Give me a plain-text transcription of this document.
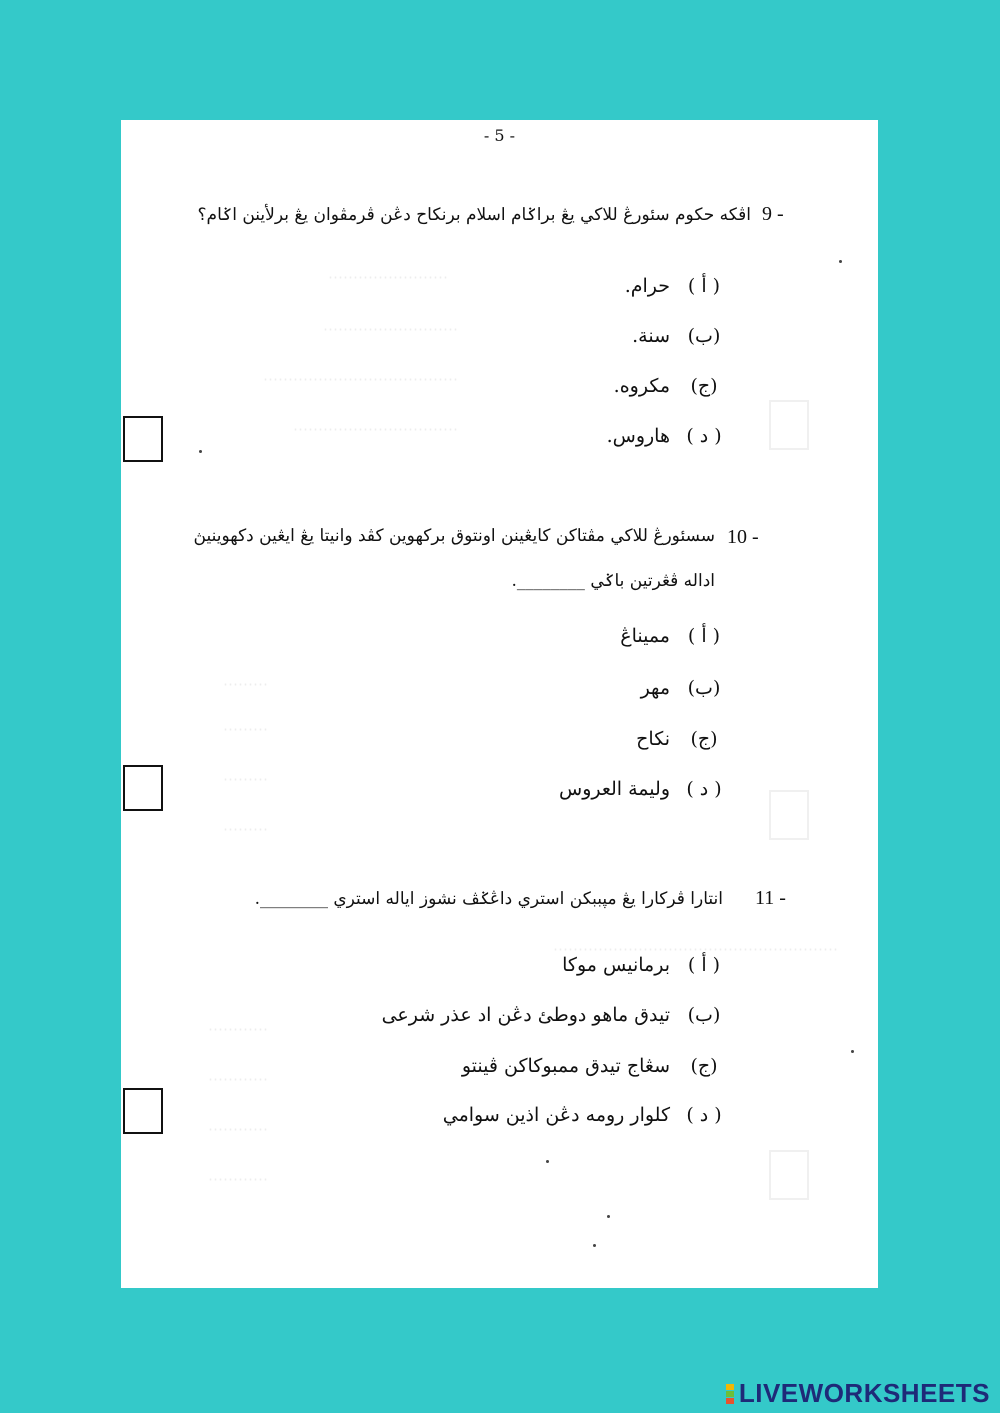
- 5 -
⋯⋯⋯⋯⋯⋯⋯⋯
⋯⋯⋯⋯⋯⋯⋯⋯⋯
⋯⋯⋯⋯⋯⋯⋯⋯⋯⋯⋯⋯⋯
⋯⋯⋯⋯⋯⋯⋯⋯⋯⋯⋯
⋯⋯⋯
⋯⋯⋯
⋯⋯⋯
⋯⋯⋯
⋯⋯⋯⋯⋯⋯⋯⋯⋯⋯⋯⋯⋯⋯⋯⋯⋯⋯⋯
⋯⋯⋯⋯
⋯⋯⋯⋯
⋯⋯⋯⋯
⋯⋯⋯⋯
9 -
اڤكه حكوم سئورڠ للاکي يڠ براݢام اسلام برنكاح دڠن ڤرمڤوان يڠ برلأينن اݢام؟
( أ )حرام.
(ب)سنة.
(ج)مكروه.
( د )هاروس.
10 -
سسئورڠ للاکي مڤتاکن کايڠينن اونتوق برکهوين کڤد وانيتا يڠ ايڠين دکهوينيڽ
اداله ڤڠرتين باݢي ________.
( أ )مميناڠ
(ب)مهر
(ج)نكاح
( د )وليمة العروس
11 -
انتارا ڤرکارا يڠ مڽببکن استري داڠݢڤ نشوز اياله استري ________.
( أ )برمانيس موکا
(ب)تيدق ماهو دوطئ دڠن اد عذر شرعى
(ج)سڠاج تيدق ممبوکاکن ڤينتو
( د )کلوار رومه دڠن اذين سوامي
LIVEWORKSHEETS
